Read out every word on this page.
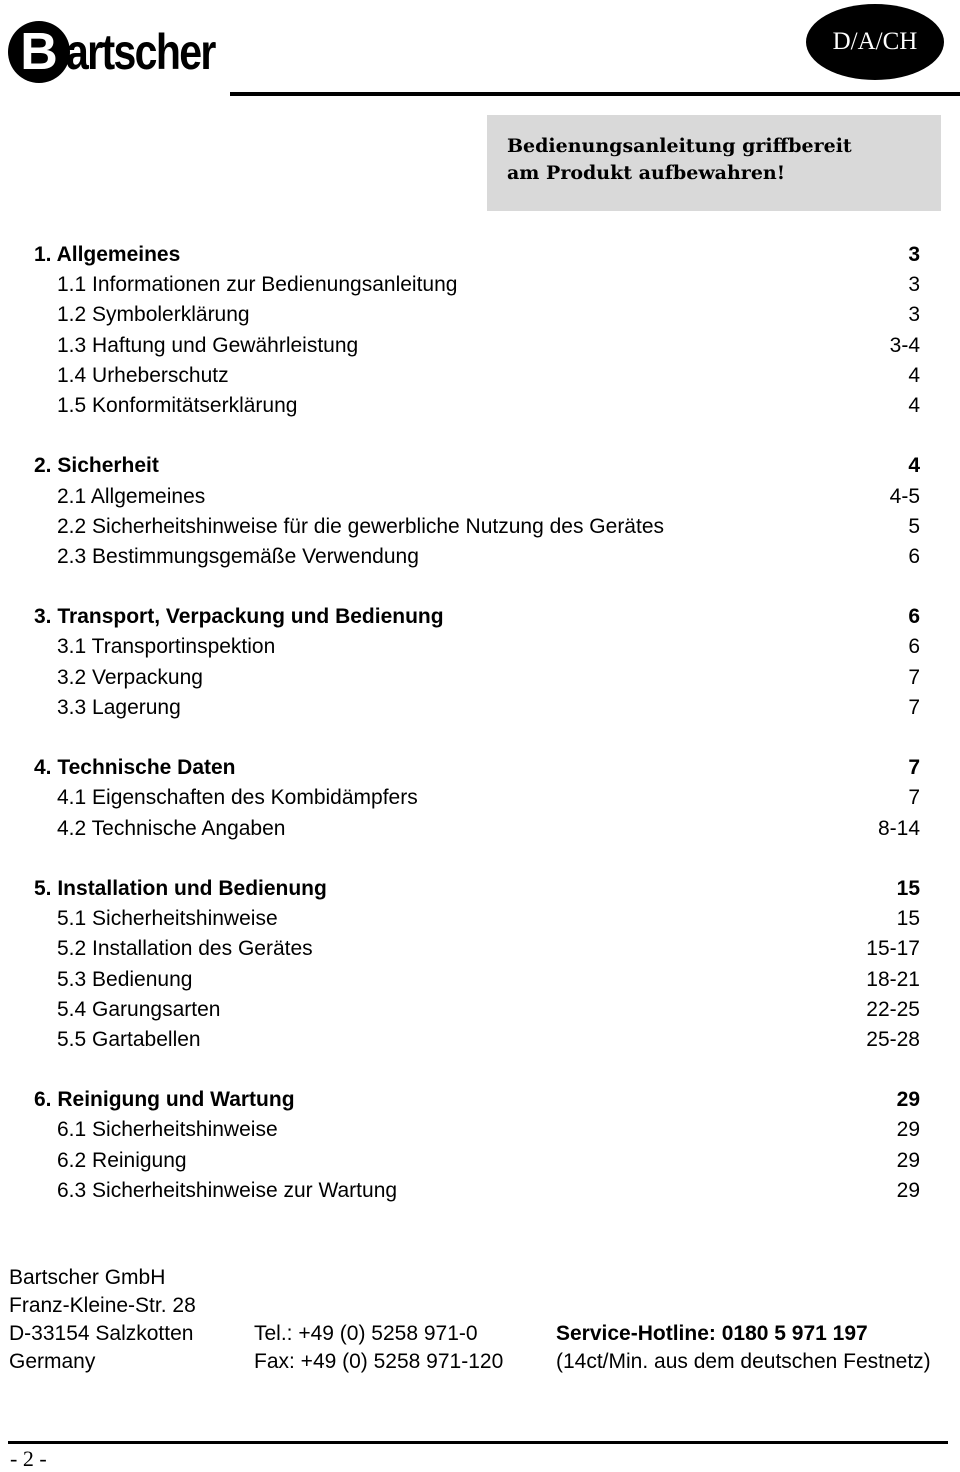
B artscher	D/A/CH
Bedienungsanleitung griffbereit
am Produkt aufbewahren!
1. Allgemeines	3
1.1 Informationen zur Bedienungsanleitung	3
1.2 Symbolerklärung	3
1.3 Haftung und Gewährleistung	3-4
1.4 Urheberschutz	4
1.5 Konformitätserklärung	4
2. Sicherheit	4
2.1 Allgemeines	4-5
2.2 Sicherheitshinweise für die gewerbliche Nutzung des Gerätes	5
2.3 Bestimmungsgemäße Verwendung	6
3. Transport, Verpackung und Bedienung	6
3.1 Transportinspektion	6
3.2 Verpackung	7
3.3 Lagerung	7
4. Technische Daten	7
4.1 Eigenschaften des Kombidämpfers	7
4.2 Technische Angaben	8-14
5. Installation und Bedienung	15
5.1 Sicherheitshinweise	15
5.2 Installation des Gerätes	15-17
5.3 Bedienung	18-21
5.4 Garungsarten	22-25
5.5 Gartabellen	25-28
6. Reinigung und Wartung	29
6.1 Sicherheitshinweise	29
6.2 Reinigung	29
6.3 Sicherheitshinweise zur Wartung	29
Bartscher GmbH
Franz-Kleine-Str. 28
D-33154 Salzkotten	Tel.: +49 (0) 5258 971-0	Service-Hotline: 0180 5 971 197
Germany	Fax: +49 (0) 5258 971-120	(14ct/Min. aus dem deutschen Festnetz)
- 2 -
